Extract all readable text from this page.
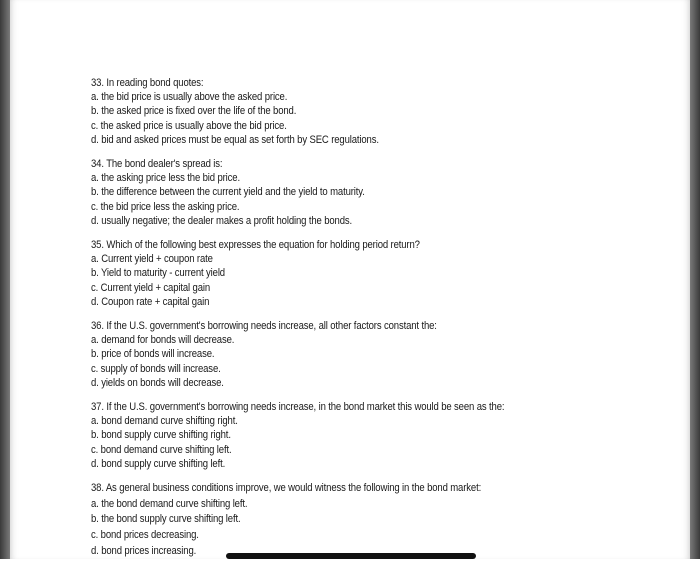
33. In reading bond quotes:
a. the bid price is usually above the asked price.
b. the asked price is fixed over the life of the bond.
c. the asked price is usually above the bid price.
d. bid and asked prices must be equal as set forth by SEC regulations.
34. The bond dealer's spread is:
a. the asking price less the bid price.
b. the difference between the current yield and the yield to maturity.
c. the bid price less the asking price.
d. usually negative; the dealer makes a profit holding the bonds.
35. Which of the following best expresses the equation for holding period return?
a. Current yield + coupon rate
b. Yield to maturity - current yield
c. Current yield + capital gain
d. Coupon rate + capital gain
36. If the U.S. government's borrowing needs increase, all other factors constant the:
a. demand for bonds will decrease.
b. price of bonds will increase.
c. supply of bonds will increase.
d. yields on bonds will decrease.
37. If the U.S. government's borrowing needs increase, in the bond market this would be seen as the:
a. bond demand curve shifting right.
b. bond supply curve shifting right.
c. bond demand curve shifting left.
d. bond supply curve shifting left.
38. As general business conditions improve, we would witness the following in the bond market:
a. the bond demand curve shifting left.
b. the bond supply curve shifting left.
c. bond prices decreasing.
d. bond prices increasing.
